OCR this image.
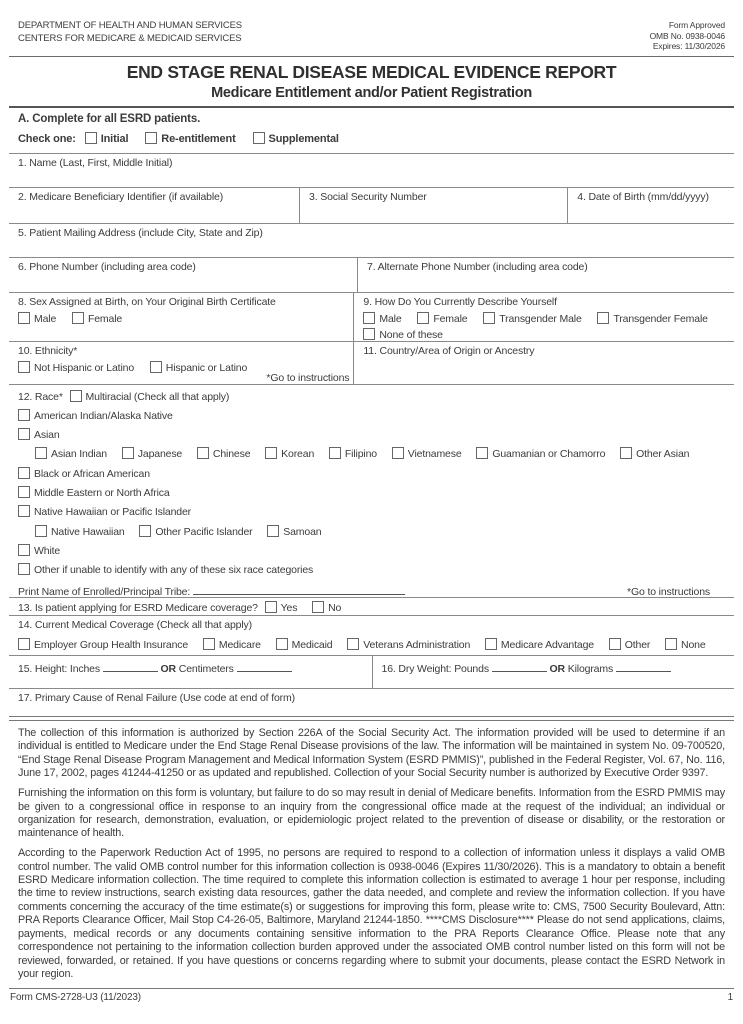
DEPARTMENT OF HEALTH AND HUMAN SERVICES
CENTERS FOR MEDICARE & MEDICAID SERVICES
Form Approved
OMB No. 0938-0046
Expires: 11/30/2026
END STAGE RENAL DISEASE MEDICAL EVIDENCE REPORT
Medicare Entitlement and/or Patient Registration
A. Complete for all ESRD patients.
Check one: Initial	Re-entitlement	Supplemental
1. Name (Last, First, Middle Initial)
2. Medicare Beneficiary Identifier (if available)	3. Social Security Number	4. Date of Birth (mm/dd/yyyy)
5. Patient Mailing Address (include City, State and Zip)
6. Phone Number (including area code)	7. Alternate Phone Number (including area code)
8. Sex Assigned at Birth, on Your Original Birth Certificate
Male	Female
9. How Do You Currently Describe Yourself
Male	Female	Transgender Male	Transgender Female
None of these
10. Ethnicity*
Not Hispanic or Latino	Hispanic or Latino
*Go to instructions
11. Country/Area of Origin or Ancestry
12. Race* Multiracial (Check all that apply)
American Indian/Alaska Native
Asian
Asian Indian	Japanese	Chinese	Korean	Filipino	Vietnamese	Guamanian or Chamorro	Other Asian
Black or African American
Middle Eastern or North Africa
Native Hawaiian or Pacific Islander
Native Hawaiian	Other Pacific Islander	Samoan
White
Other if unable to identify with any of these six race categories
Print Name of Enrolled/Principal Tribe:	*Go to instructions
13. Is patient applying for ESRD Medicare coverage? Yes	No
14. Current Medical Coverage (Check all that apply)
Employer Group Health Insurance	Medicare	Medicaid	Veterans Administration	Medicare Advantage	Other	None
15. Height: Inches	OR Centimeters	16. Dry Weight: Pounds	OR Kilograms
17. Primary Cause of Renal Failure (Use code at end of form)

The collection of this information is authorized by Section 226A of the Social Security Act. The information provided will be used to determine if an individual is entitled to Medicare under the End Stage Renal Disease provisions of the law. The information will be maintained in system No. 09-700520, “End Stage Renal Disease Program Management and Medical Information System (ESRD PMMIS)”, published in the Federal Register, Vol. 67, No. 116, June 17, 2002, pages 41244-41250 or as updated and republished. Collection of your Social Security number is authorized by Executive Order 9397.

Furnishing the information on this form is voluntary, but failure to do so may result in denial of Medicare benefits. Information from the ESRD PMMIS may be given to a congressional office in response to an inquiry from the congressional office made at the request of the individual; an individual or organization for research, demonstration, evaluation, or epidemiologic project related to the prevention of disease or disability, or the restoration or maintenance of health.

According to the Paperwork Reduction Act of 1995, no persons are required to respond to a collection of information unless it displays a valid OMB control number. The valid OMB control number for this information collection is 0938-0046 (Expires 11/30/2026). This is a mandatory to obtain a benefit ESRD Medicare information collection. The time required to complete this information collection is estimated to average 1 hour per response, including the time to review instructions, search existing data resources, gather the data needed, and complete and review the information collection. If you have comments concerning the accuracy of the time estimate(s) or suggestions for improving this form, please write to: CMS, 7500 Security Boulevard, Attn: PRA Reports Clearance Officer, Mail Stop C4-26-05, Baltimore, Maryland 21244-1850. ****CMS Disclosure**** Please do not send applications, claims, payments, medical records or any documents containing sensitive information to the PRA Reports Clearance Office. Please note that any correspondence not pertaining to the information collection burden approved under the associated OMB control number listed on this form will not be reviewed, forwarded, or retained. If you have questions or concerns regarding where to submit your documents, please contact the ESRD Network in your region.

Form CMS-2728-U3 (11/2023)	1
